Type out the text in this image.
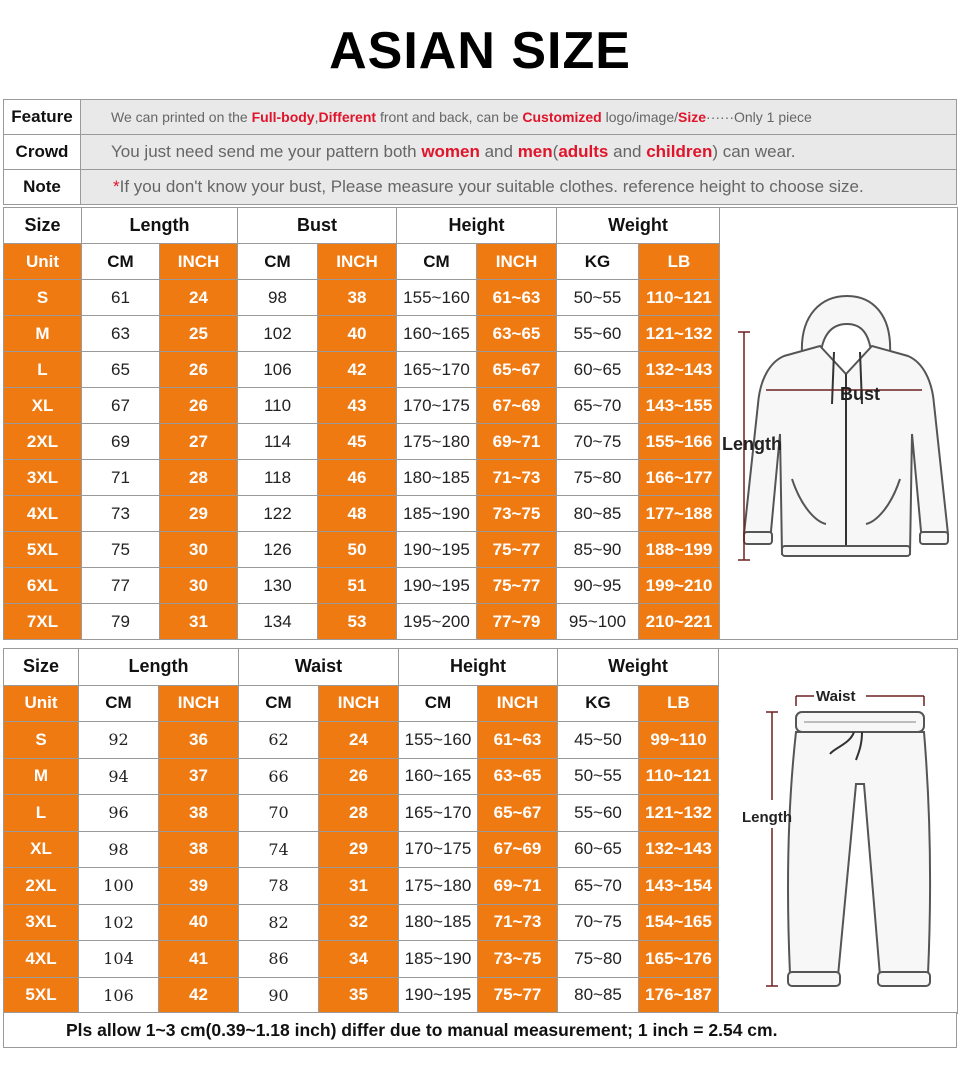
ASIAN SIZE
Feature	We can printed on the Full-body,Different front and back, can be Customized logo/image/Size······Only 1 piece
Crowd	You just need send me your pattern both women and men(adults and children) can wear.
Note	*If you don't know your bust, Please measure your suitable clothes. reference height to choose size.
Size	Length		Bust		Height		Weight		
Unit	CM	INCH	CM	INCH	CM	INCH	KG	LB	
S	61	24	98	38	155~160	61~63	50~55	110~121	
M	63	25	102	40	160~165	63~65	55~60	121~132	
L	65	26	106	42	165~170	65~67	60~65	132~143	
XL	67	26	110	43	170~175	67~69	65~70	143~155	
2XL	69	27	114	45	175~180	69~71	70~75	155~166	
3XL	71	28	118	46	180~185	71~73	75~80	166~177	
4XL	73	29	122	48	185~190	73~75	80~85	177~188	
5XL	75	30	126	50	190~195	75~77	85~90	188~199	
6XL	77	30	130	51	190~195	75~77	90~95	199~210	
7XL	79	31	134	53	195~200	77~79	95~100	210~221	
Size	Length		Waist		Height		Weight		
Unit	CM	INCH	CM	INCH	CM	INCH	KG	LB	
S	92	36	62	24	155~160	61~63	45~50	99~110	
M	94	37	66	26	160~165	63~65	50~55	110~121	
L	96	38	70	28	165~170	65~67	55~60	121~132	
XL	98	38	74	29	170~175	67~69	60~65	132~143	
2XL	100	39	78	31	175~180	69~71	65~70	143~154	
3XL	102	40	82	32	180~185	71~73	70~75	154~165	
4XL	104	41	86	34	185~190	73~75	75~80	165~176	
5XL	106	42	90	35	190~195	75~77	80~85	176~187	
Pls allow 1~3 cm(0.39~1.18 inch) differ due to manual measurement; 1 inch = 2.54 cm.
Bust
Length
Waist
Length
